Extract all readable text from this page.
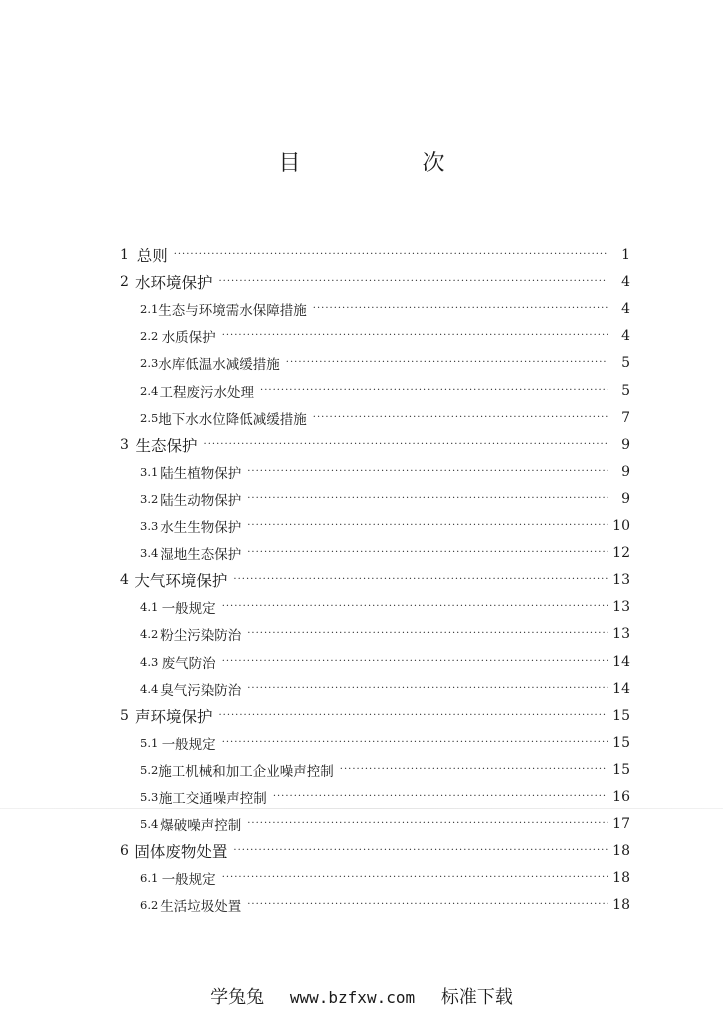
目　次
1 总则 ·····	1
2 水环境保护 ·····	4
2.1 生态与环境需水保障措施 ·····	4
2.2 水质保护 ·····	4
2.3 水库低温水减缓措施 ·····	5
2.4 工程废污水处理 ·····	5
2.5 地下水水位降低减缓措施 ·····	7
3 生态保护 ·····	9
3.1 陆生植物保护 ·····	9
3.2 陆生动物保护 ·····	9
3.3 水生生物保护 ·····	10
3.4 湿地生态保护 ·····	12
4 大气环境保护 ·····	13
4.1 一般规定 ·····	13
4.2 粉尘污染防治 ·····	13
4.3 废气防治 ·····	14
4.4 臭气污染防治 ·····	14
5 声环境保护 ·····	15
5.1 一般规定 ·····	15
5.2 施工机械和加工企业噪声控制 ·····	15
5.3 施工交通噪声控制 ·····	16
5.4 爆破噪声控制 ·····	17
6 固体废物处置 ·····	18
6.1 一般规定 ·····	18
6.2 生活垃圾处置 ·····	18
学兔兔 www.bzfxw.com 标准下载
